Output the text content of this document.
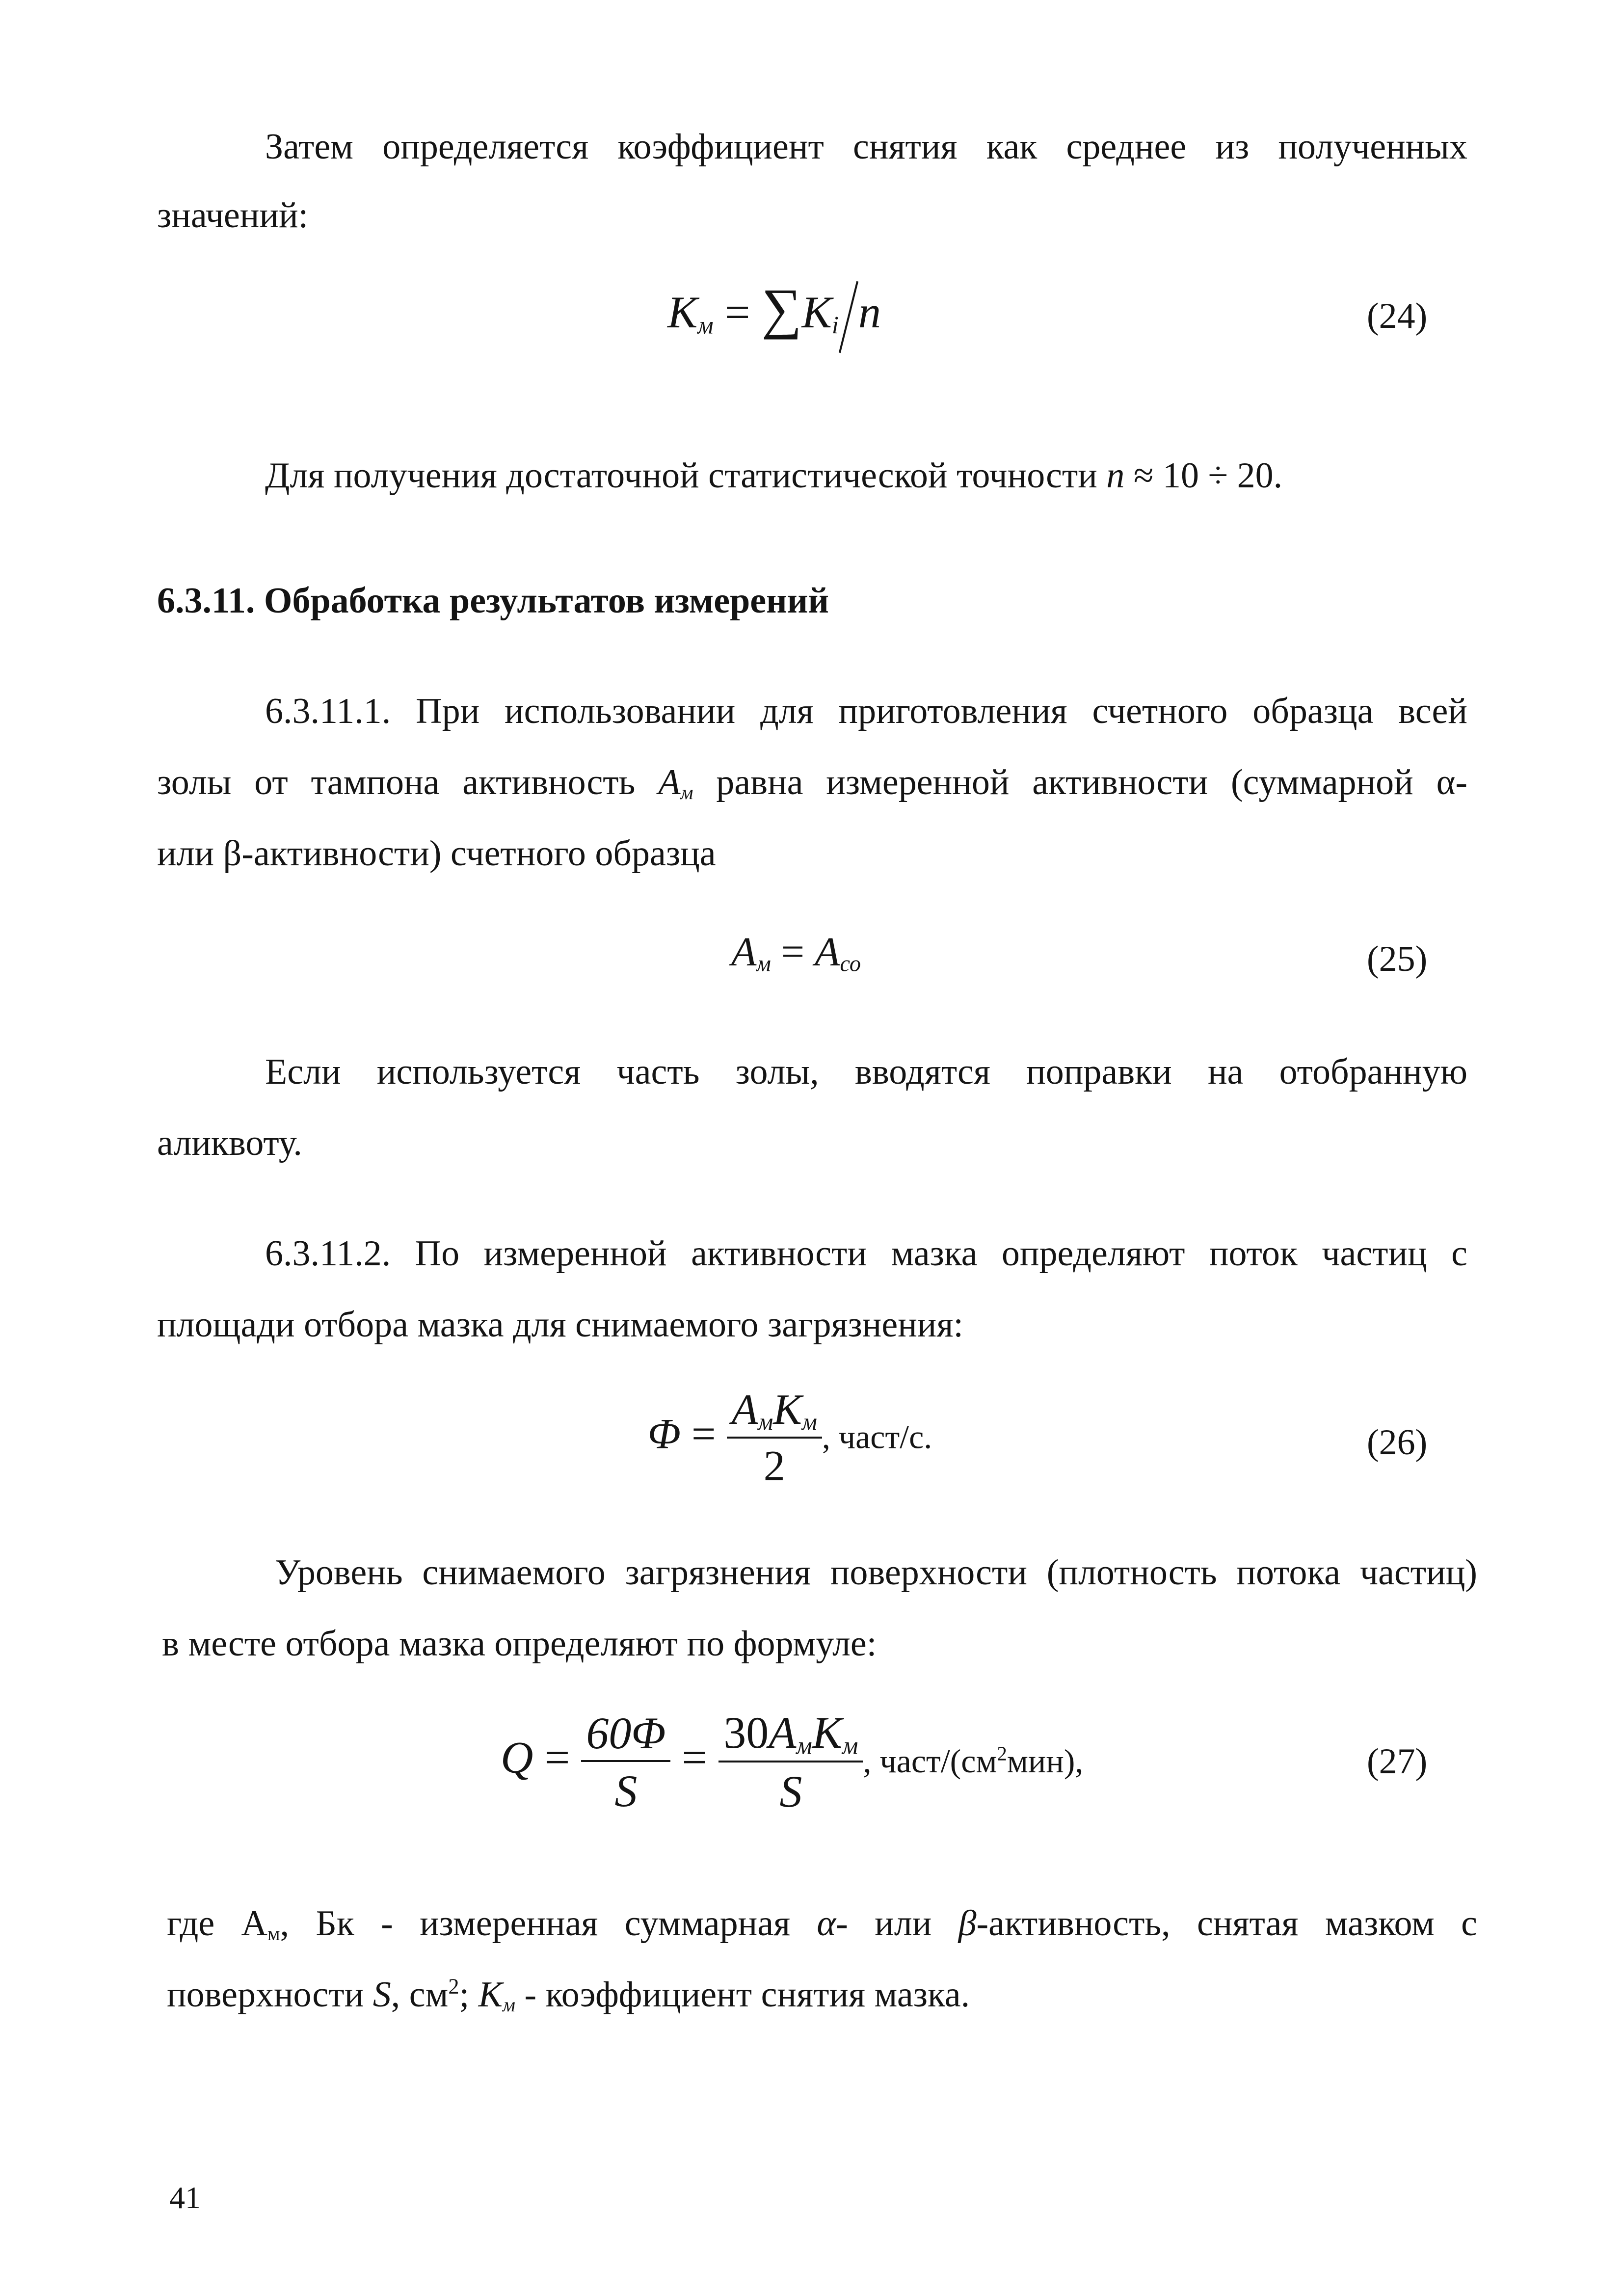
Затем определяется коэффициент снятия как среднее из полученных
значений:
$K_м = \sum K_i$ n	(24)
Для получения достаточной статистической точности n ≈ 10 ÷ 20.
6.3.11. Обработка результатов измерений
6.3.11.1. При использовании для приготовления счетного образца всей
золы от тампона активность $A_м$ равна измеренной активности (суммарной α-
или β-активности) счетного образца
$A_м = A_{со}$	(25)
Если используется часть золы, вводятся поправки на отобранную
аликвоту.
6.3.11.2. По измеренной активности мазка определяют поток частиц с
площади отбора мазка для снимаемого загрязнения:
$\Phi = \frac{A_мK_м}{2}$ , част/с.	(26)
Уровень снимаемого загрязнения поверхности (плотность потока частиц)
в месте отбора мазка определяют по формуле:
$Q = \frac{60\Phi}{S} = \frac{30A_мK_м}{S}$ , част/$(см^2мин)$,	(27)
где $А_м$, Бк - измеренная суммарная α- или β-активность, снятая мазком с
поверхности S, $см^2$; $K_м$ - коэффициент снятия мазка.
41
